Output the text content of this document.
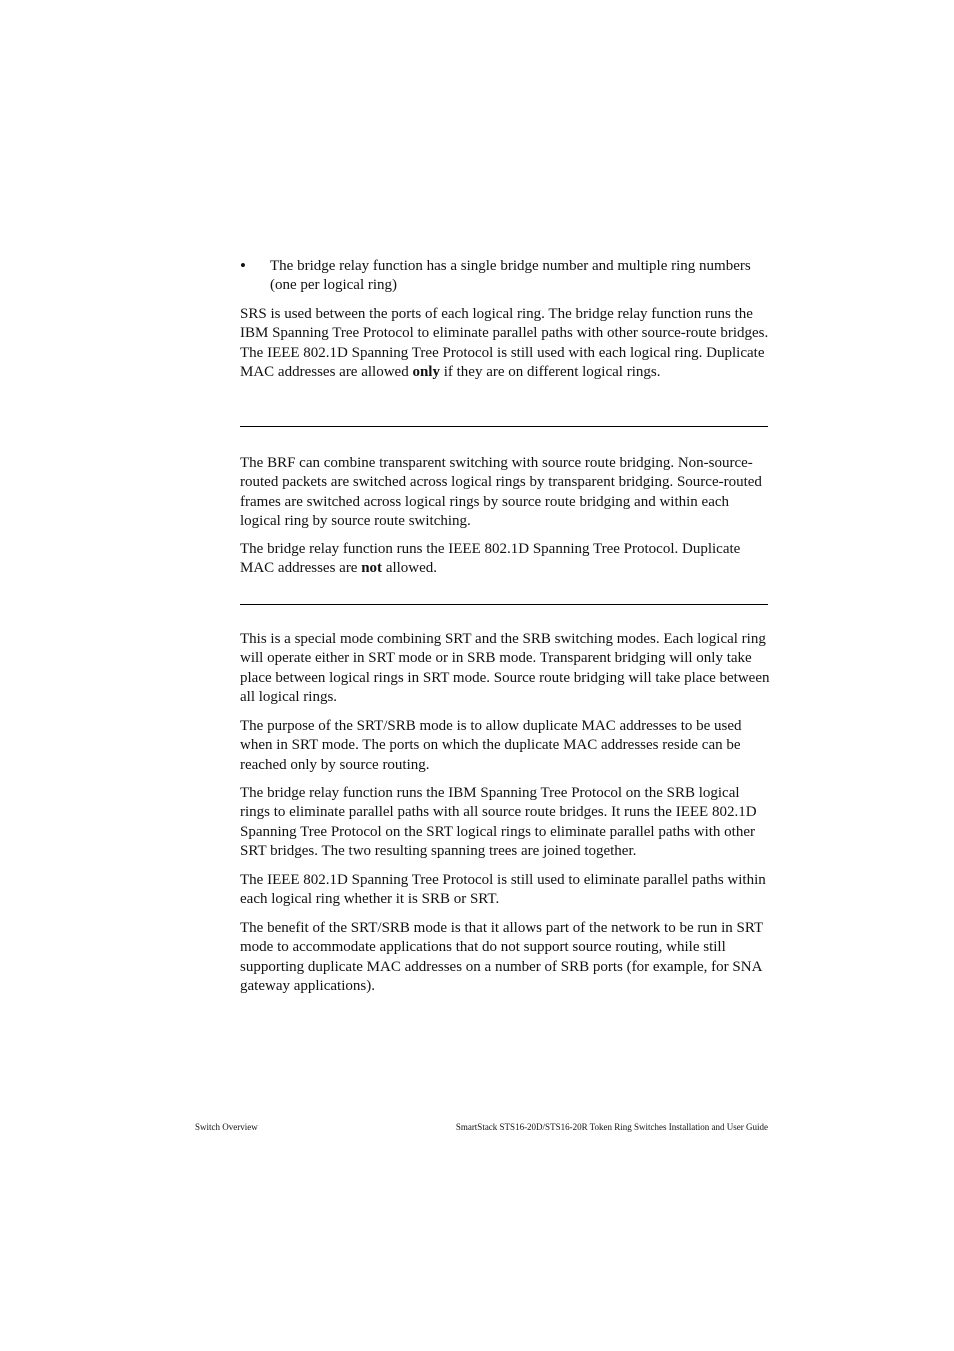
• The bridge relay function has a single bridge number and multiple ring numbers (one per logical ring)

SRS is used between the ports of each logical ring. The bridge relay function runs the IBM Spanning Tree Protocol to eliminate parallel paths with other source-route bridges. The IEEE 802.1D Spanning Tree Protocol is still used with each logical ring. Duplicate MAC addresses are allowed only if they are on different logical rings.

The BRF can combine transparent switching with source route bridging. Non-source-routed packets are switched across logical rings by transparent bridging. Source-routed frames are switched across logical rings by source route bridging and within each logical ring by source route switching.

The bridge relay function runs the IEEE 802.1D Spanning Tree Protocol. Duplicate MAC addresses are not allowed.

This is a special mode combining SRT and the SRB switching modes. Each logical ring will operate either in SRT mode or in SRB mode. Transparent bridging will only take place between logical rings in SRT mode. Source route bridging will take place between all logical rings.

The purpose of the SRT/SRB mode is to allow duplicate MAC addresses to be used when in SRT mode. The ports on which the duplicate MAC addresses reside can be reached only by source routing.

The bridge relay function runs the IBM Spanning Tree Protocol on the SRB logical rings to eliminate parallel paths with all source route bridges. It runs the IEEE 802.1D Spanning Tree Protocol on the SRT logical rings to eliminate parallel paths with other SRT bridges. The two resulting spanning trees are joined together.

The IEEE 802.1D Spanning Tree Protocol is still used to eliminate parallel paths within each logical ring whether it is SRB or SRT.

The benefit of the SRT/SRB mode is that it allows part of the network to be run in SRT mode to accommodate applications that do not support source routing, while still supporting duplicate MAC addresses on a number of SRB ports (for example, for SNA gateway applications).

Switch Overview	SmartStack STS16-20D/STS16-20R Token Ring Switches Installation and User Guide
